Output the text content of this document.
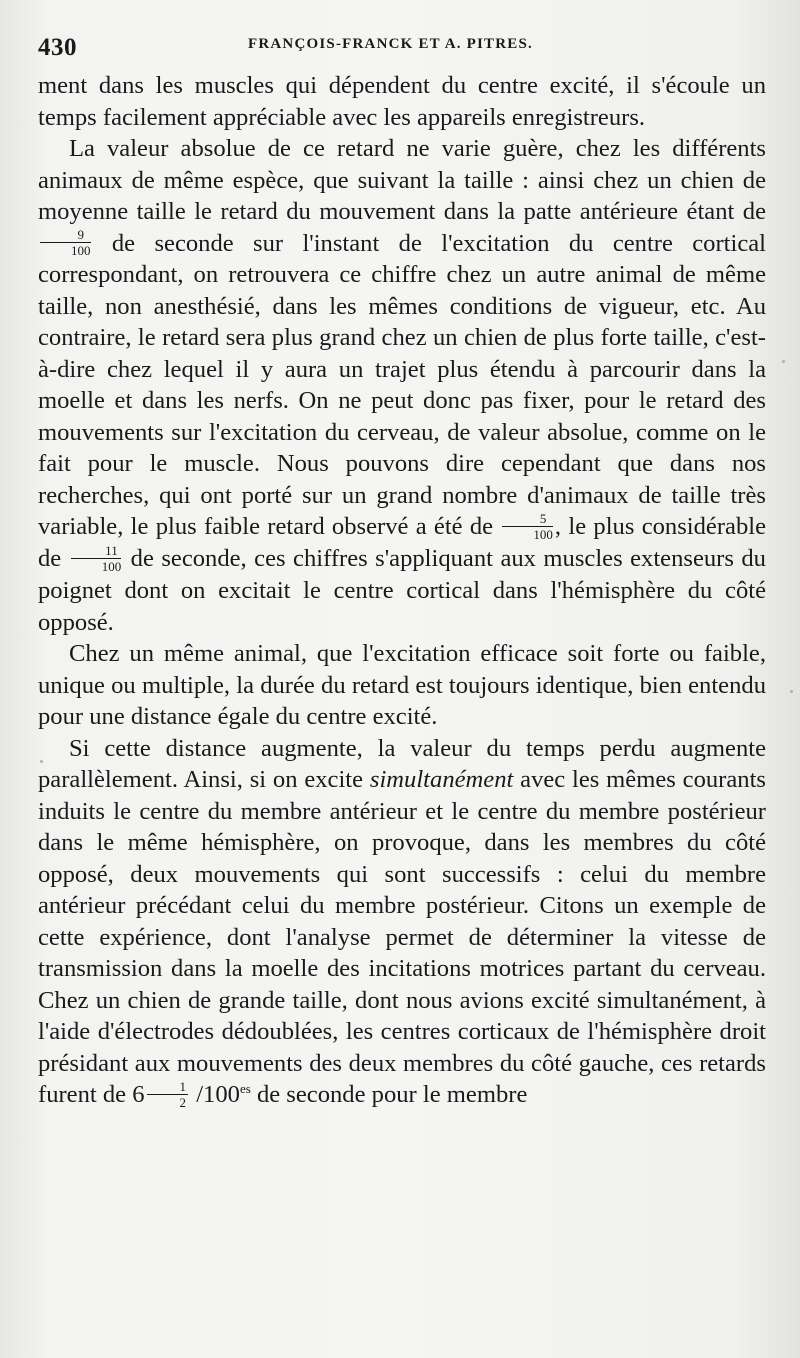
430	FRANÇOIS-FRANCK ET A. PITRES.

ment dans les muscles qui dépendent du centre excité, il s'écoule un temps facilement appréciable avec les appareils enregistreurs.

La valeur absolue de ce retard ne varie guère, chez les différents animaux de même espèce, que suivant la taille : ainsi chez un chien de moyenne taille le retard du mouvement dans la patte antérieure étant de
$\frac{9}{100}$ de seconde sur l'instant de l'excitation du centre cortical correspondant, on retrouvera ce chiffre chez un autre animal de même taille, non anesthésié, dans les mêmes conditions de vigueur, etc. Au contraire, le retard sera plus grand chez un chien de plus forte taille, c'est-à-dire chez lequel il y aura un trajet plus étendu à parcourir dans la moelle et dans les nerfs. On ne peut donc pas fixer, pour le retard des mouvements sur l'excitation du cerveau, de valeur absolue, comme on le fait pour le muscle. Nous pouvons dire cependant que dans nos recherches, qui ont porté sur un grand nombre d'animaux de taille très variable, le plus faible retard observé a été de $\frac{5}{100}$ , le plus considérable de $\frac{11}{100}$ de seconde, ces chiffres s'appliquant aux muscles extenseurs du poignet dont on excitait le centre cortical dans l'hémisphère du côté opposé.

Chez un même animal, que l'excitation efficace soit forte ou faible, unique ou multiple, la durée du retard est toujours identique, bien entendu pour une distance égale du centre excité.

Si cette distance augmente, la valeur du temps perdu augmente parallèlement. Ainsi, si on excite simultanément avec les mêmes courants induits le centre du membre antérieur et le centre du membre postérieur dans le même hémisphère, on provoque, dans les membres du côté opposé, deux mouvements qui sont successifs : celui du membre antérieur précédant celui du membre postérieur. Citons un exemple de cette expérience, dont l'analyse permet de déterminer la vitesse de transmission dans la moelle des incitations motrices partant du cerveau. Chez un chien de grande taille, dont nous avions excité simultanément, à l'aide d'électrodes dédoublées, les centres corticaux de l'hémisphère droit présidant aux mouvements des deux membres du côté gauche, ces retards furent de $6 \frac{1}{2} /100^{es}$ de seconde pour le membre
